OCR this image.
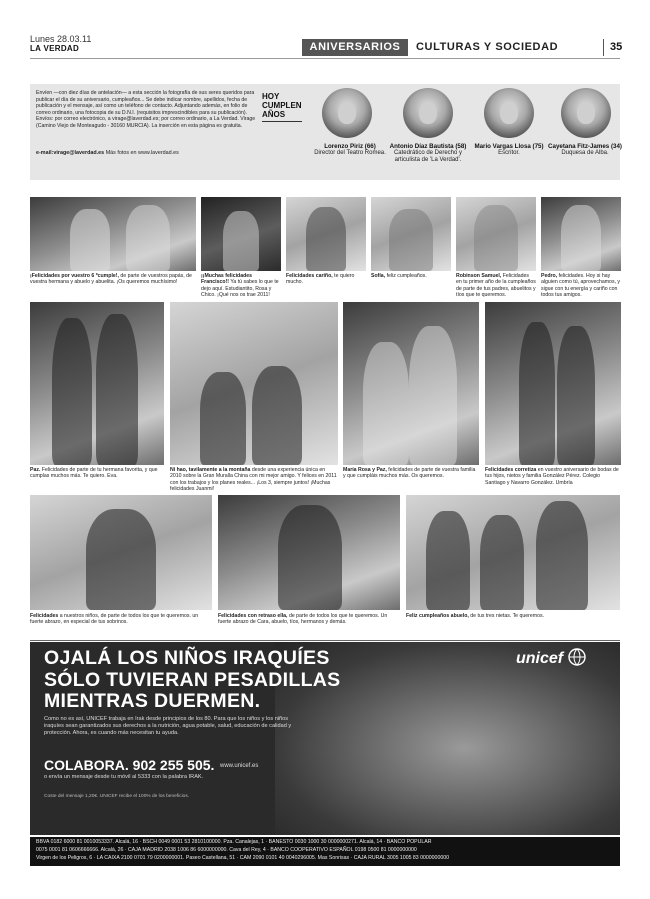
Lunes 28.03.11
LA VERDAD	ANIVERSARIOS	CULTURAS Y SOCIEDAD	35
Envíen —con diez días de antelación— a esta sección la fotografía de sus seres queridos para publicar el día de su aniversario, cumpleaños... Se debe indicar nombre, apellidos, fecha de publicación y el mensaje, así como un teléfono de contacto. Adjuntando además, en folio de correo ordinario, una fotocopia de su D.N.I. (requisitos imprescindibles para su publicación). Envíos: por correo electrónico, a virage@laverdad.es; por correo ordinario, a La Verdad. Virage (Camino Viejo de Monteagudo - 30160 MURCIA). La inserción en esta página es gratuita.
e-mail:virage@laverdad.es Más fotos en www.laverdad.es
HOY CUMPLEN AÑOS
Lorenzo Piriz (66)
Director del Teatro Romea.
Antonio Díaz Bautista (58)
Catedrático de Derecho y articulista de 'La Verdad'.
Mario Vargas Llosa (75)
Escritor.
Cayetana Fitz-James (34)
Duquesa de Alba.
¡Felicidades por vuestro 6 ºcumple!, de parte de vuestros papás, de vuestra hermana y abuelo y abuelita. ¡Os queremos muchísimo!
¡¡Muchas felicidades Francisco!! Ya tú sabes lo que te dejo aquí. Estudiantito, Rosa y Chico. ¡Qué nos os trae 2011!
Felicidades cariño, te quiero mucho.
Sofía, feliz cumpleaños.	Robinson Samuel, Felicidades en tu primer año de la cumpleaños de parte de tus padres, abuelitos y tíos que te queremos.
Pedro, felicidades. Hoy si hay alguien como tú, aprovechamos, y sigue con tu energía y cariño con todos tus amigos.
Paz. Felicidades de parte de tu hermana favorita, y que cumplas muchos más. Te quiero. Eva.
Ni hao, tavilamente a la montaña desde una experiencia única en 2010 sobre la Gran Muralla China con mi mejor amigo. Y felices en 2011 con los trabajos y los planes reales... ¡Los 3, siempre juntos! ¡Muchas felicidades Juanmi!
María Rosa y Paz, felicidades de parte de vuestra familia y que cumpláis muchos más. Os queremos.
Felicidades corretiza en vuestro aniversario de bodas de tus hijos, nietos y familia González Pérez. Colegio Santiago y Navarro González. Umbría
Felicidades a nuestros niños, de parte de todos los que te queremos. un fuerte abrazo, en especial de tus sobrinos.
Felicidades con retraso ella, de parte de todos los que te queremos. Un fuerte abrazo de Cara, abuelo, tíos, hermanos y demás.
Feliz cumpleaños abuelo, de tus tres nietas. Te queremos.
OJALÁ LOS NIÑOS IRAQUÍES SÓLO TUVIERAN PESADILLAS MIENTRAS DUERMEN.
Como no es así, UNICEF trabaja en Irak desde principios de los 80. Para que los niños y los niños iraquíes sean garantizados sus derechos a la nutrición, agua potable, salud, educación de calidad y protección. Ahora, es cuando más necesitan tu ayuda.
COLABORA. 902 255 505. www.unicef.es
o envía un mensaje desde tu móvil al 5333 con la palabra IRAK.
Coste del mensaje 1,20€. UNICEF recibe el 100% de los beneficios.
unicef
BBVA 0182 6000 81 0010053337. Alcalá, 16 · BSCH 0049 0001 53 2810100000. Pza. Canalejas, 1 · BANESTO 0030 1000 30 0000000271. Alcalá, 14 · BANCO POPULAR
0075 0001 81 0606666666. Alcalá, 26 · CAJA MADRID 2038 1006 86 6000000000. Cava del Rey, 4 · BANCO COOPERATIVO ESPAÑOL 0198 0500 81 0000000000
Virgen de los Peligros, 6 · LA CAIXA 2100 0701 79 0200000001. Paseo Castellana, 51 · CAM 2090 0101 40 0040296005. Mas Sonrisas · CAJA RURAL 3005 1005 83 0000000000
